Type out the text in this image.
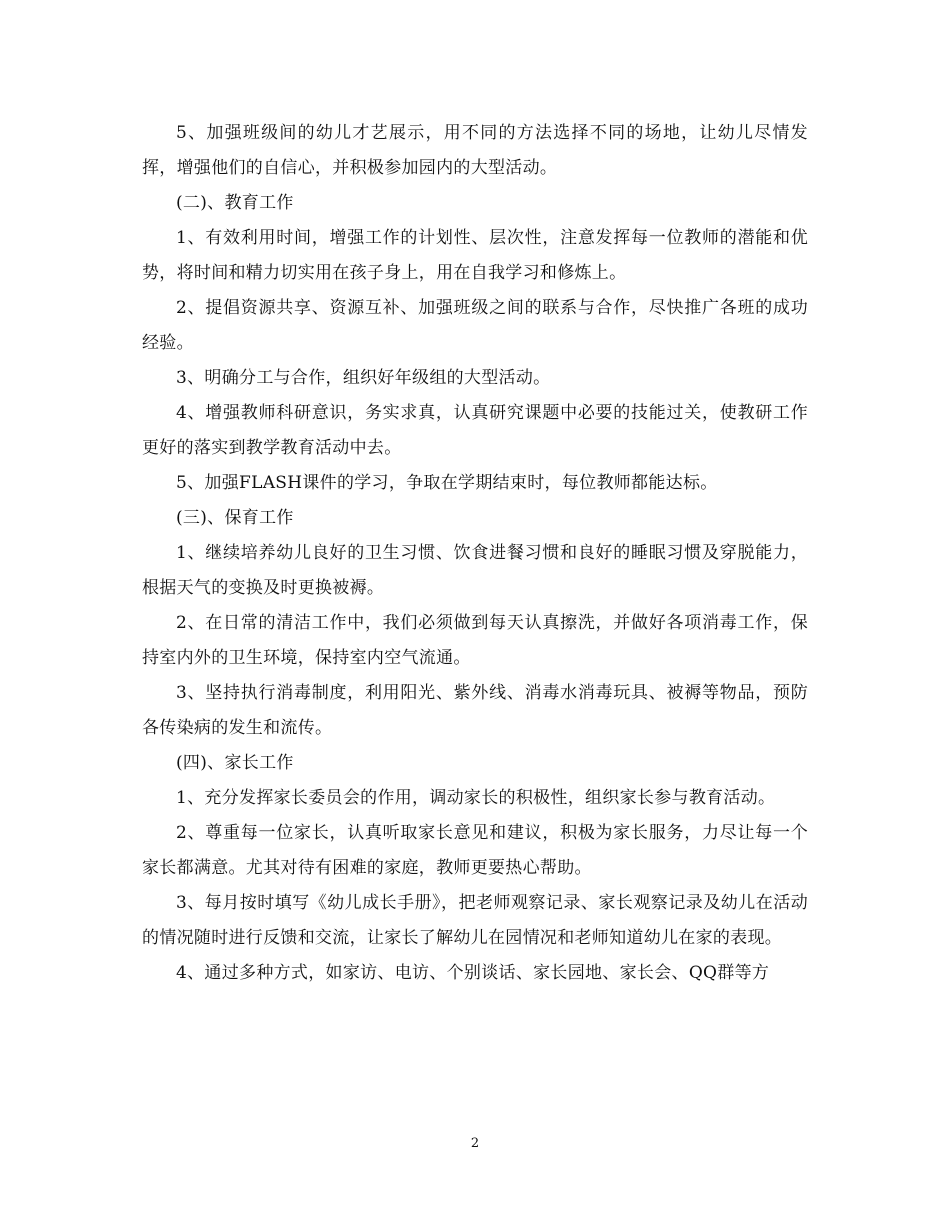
5、加强班级间的幼儿才艺展示，用不同的方法选择不同的场地，让幼儿尽情发挥，增强他们的自信心，并积极参加园内的大型活动。

(二)、教育工作

1、有效利用时间，增强工作的计划性、层次性，注意发挥每一位教师的潜能和优势，将时间和精力切实用在孩子身上，用在自我学习和修炼上。

2、提倡资源共享、资源互补、加强班级之间的联系与合作，尽快推广各班的成功经验。

3、明确分工与合作，组织好年级组的大型活动。

4、增强教师科研意识，务实求真，认真研究课题中必要的技能过关，使教研工作更好的落实到教学教育活动中去。

5、加强FLASH课件的学习，争取在学期结束时，每位教师都能达标。

(三)、保育工作

1、继续培养幼儿良好的卫生习惯、饮食进餐习惯和良好的睡眠习惯及穿脱能力，根据天气的变换及时更换被褥。

2、在日常的清洁工作中，我们必须做到每天认真擦洗，并做好各项消毒工作，保持室内外的卫生环境，保持室内空气流通。

3、坚持执行消毒制度，利用阳光、紫外线、消毒水消毒玩具、被褥等物品，预防各传染病的发生和流传。

(四)、家长工作

1、充分发挥家长委员会的作用，调动家长的积极性，组织家长参与教育活动。

2、尊重每一位家长，认真听取家长意见和建议，积极为家长服务，力尽让每一个家长都满意。尤其对待有困难的家庭，教师更要热心帮助。

3、每月按时填写《幼儿成长手册》，把老师观察记录、家长观察记录及幼儿在活动的情况随时进行反馈和交流，让家长了解幼儿在园情况和老师知道幼儿在家的表现。

4、通过多种方式，如家访、电访、个别谈话、家长园地、家长会、QQ群等方

2
